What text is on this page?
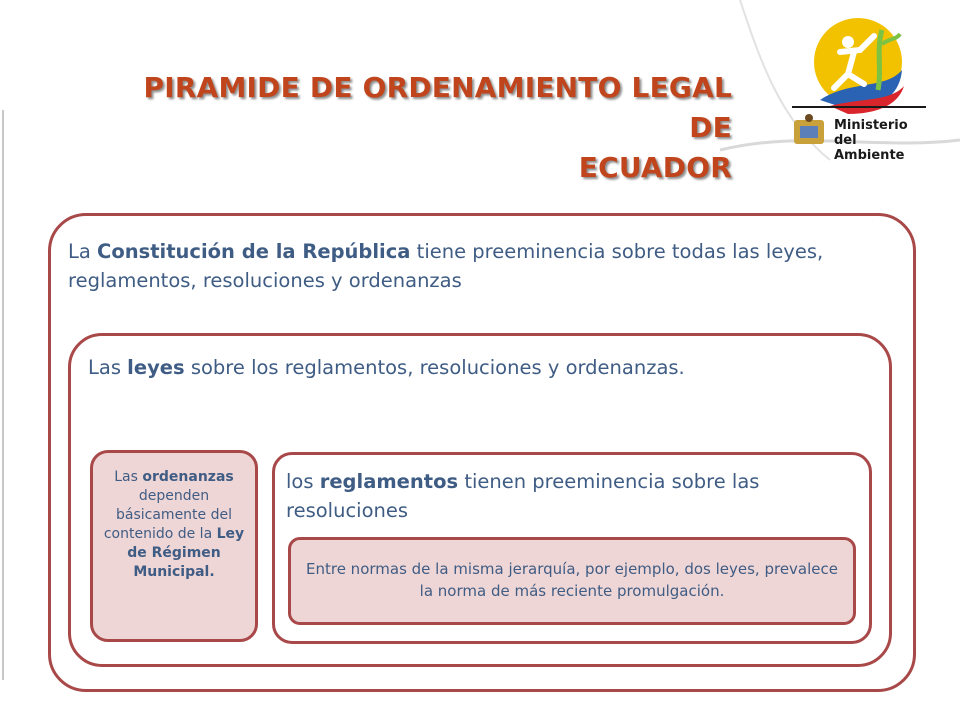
PIRAMIDE DE ORDENAMIENTO LEGAL DE
ECUADOR
Ministerio
del Ambiente
La Constitución de la República tiene preeminencia sobre todas las leyes, reglamentos, resoluciones y ordenanzas
Las leyes sobre los reglamentos, resoluciones y ordenanzas.
los reglamentos tienen preeminencia sobre las resoluciones
Entre normas de la misma jerarquía, por ejemplo, dos leyes, prevalece la norma de más reciente promulgación.
Las ordenanzas dependen básicamente del contenido de la Ley de Régimen Municipal.
